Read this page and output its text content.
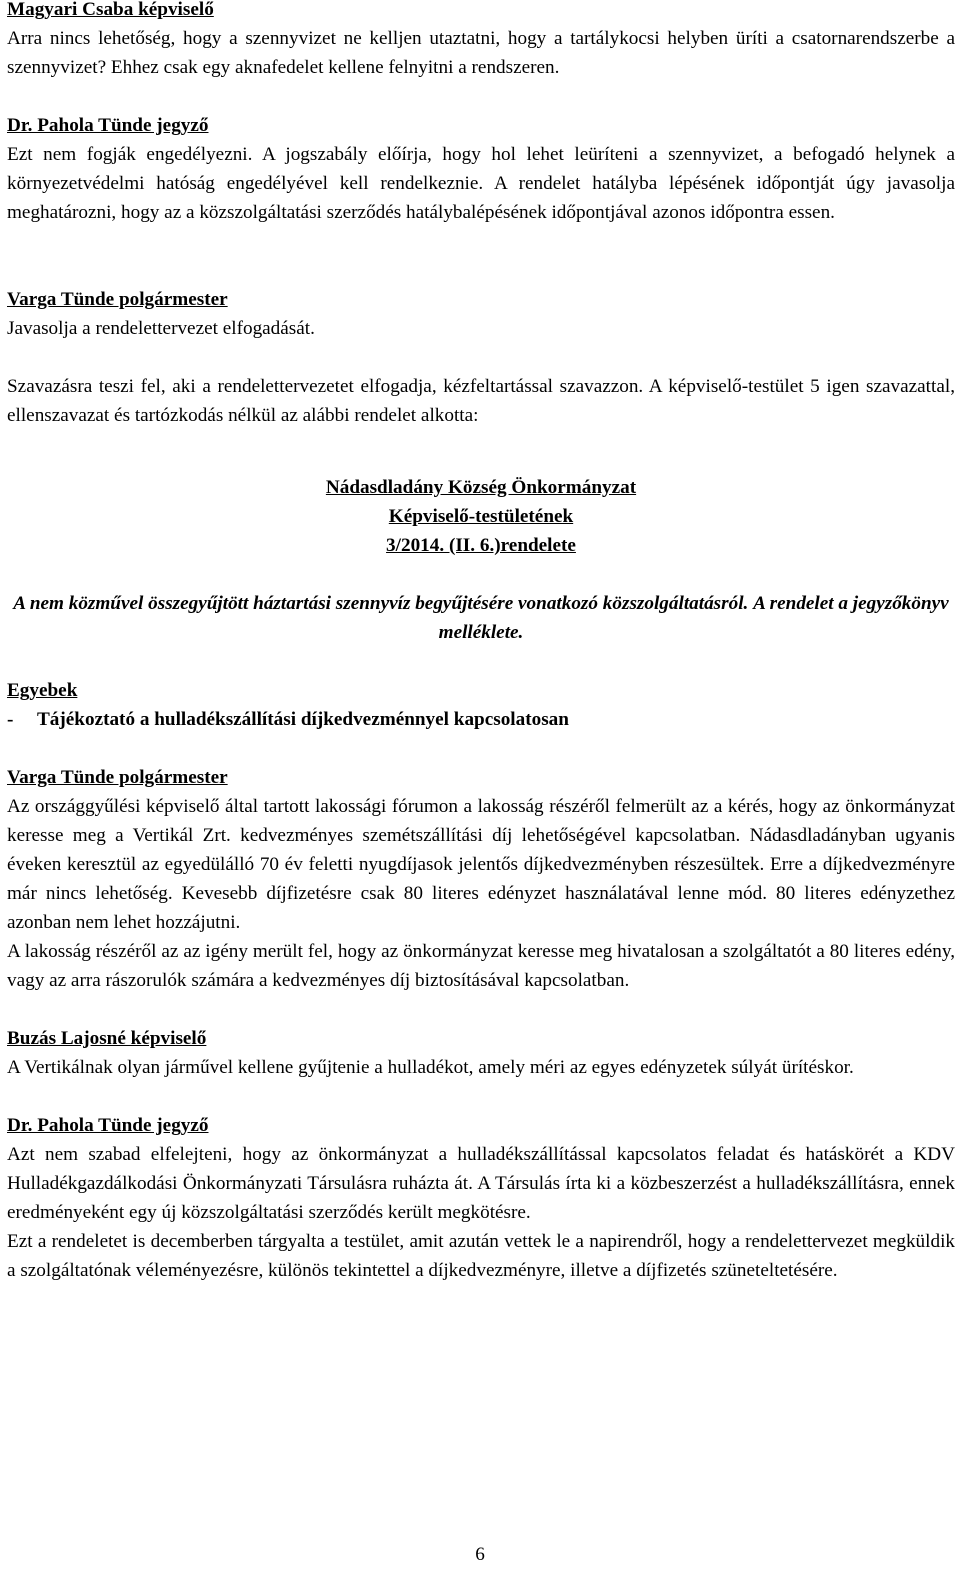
Magyari Csaba képviselő

Arra nincs lehetőség, hogy a szennyvizet ne kelljen utaztatni, hogy a tartálykocsi helyben üríti a csatornarendszerbe a szennyvizet? Ehhez csak egy aknafedelet kellene felnyitni a rendszeren.

Dr. Pahola Tünde jegyző

Ezt nem fogják engedélyezni. A jogszabály előírja, hogy hol lehet leüríteni a szennyvizet, a befogadó helynek a környezetvédelmi hatóság engedélyével kell rendelkeznie. A rendelet hatályba lépésének időpontját úgy javasolja meghatározni, hogy az a közszolgáltatási szerződés hatálybalépésének időpontjával azonos időpontra essen.

Varga Tünde polgármester

Javasolja a rendelettervezet elfogadását.

Szavazásra teszi fel, aki a rendelettervezetet elfogadja, kézfeltartással szavazzon. A képviselő-testület 5 igen szavazattal, ellenszavazat és tartózkodás nélkül az alábbi rendelet alkotta:

Nádasdladány Község Önkormányzat
Képviselő-testületének
3/2014. (II. 6.)rendelete
A nem közművel összegyűjtött háztartási szennyvíz begyűjtésére vonatkozó közszolgáltatásról. A rendelet a jegyzőkönyv melléklete.
Egyebek
-	Tájékoztató a hulladékszállítási díjkedvezménnyel kapcsolatosan
Varga Tünde polgármester

Az országgyűlési képviselő által tartott lakossági fórumon a lakosság részéről felmerült az a kérés, hogy az önkormányzat keresse meg a Vertikál Zrt. kedvezményes szemétszállítási díj lehetőségével kapcsolatban. Nádasdladányban ugyanis éveken keresztül az egyedülálló 70 év feletti nyugdíjasok jelentős díjkedvezményben részesültek. Erre a díjkedvezményre már nincs lehetőség. Kevesebb díjfizetésre csak 80 literes edényzet használatával lenne mód. 80 literes edényzethez azonban nem lehet hozzájutni.

A lakosság részéről az az igény merült fel, hogy az önkormányzat keresse meg hivatalosan a szolgáltatót a 80 literes edény, vagy az arra rászorulók számára a kedvezményes díj biztosításával kapcsolatban.

Buzás Lajosné képviselő

A Vertikálnak olyan járművel kellene gyűjtenie a hulladékot, amely méri az egyes edényzetek súlyát ürítéskor.

Dr. Pahola Tünde jegyző

Azt nem szabad elfelejteni, hogy az önkormányzat a hulladékszállítással kapcsolatos feladat és hatáskörét a KDV Hulladékgazdálkodási Önkormányzati Társulásra ruházta át. A Társulás írta ki a közbeszerzést a hulladékszállításra, ennek eredményeként egy új közszolgáltatási szerződés került megkötésre.

Ezt a rendeletet is decemberben tárgyalta a testület, amit azután vettek le a napirendről, hogy a rendelettervezet megküldik a szolgáltatónak véleményezésre, különös tekintettel a díjkedvezményre, illetve a díjfizetés szüneteltetésére.

6
